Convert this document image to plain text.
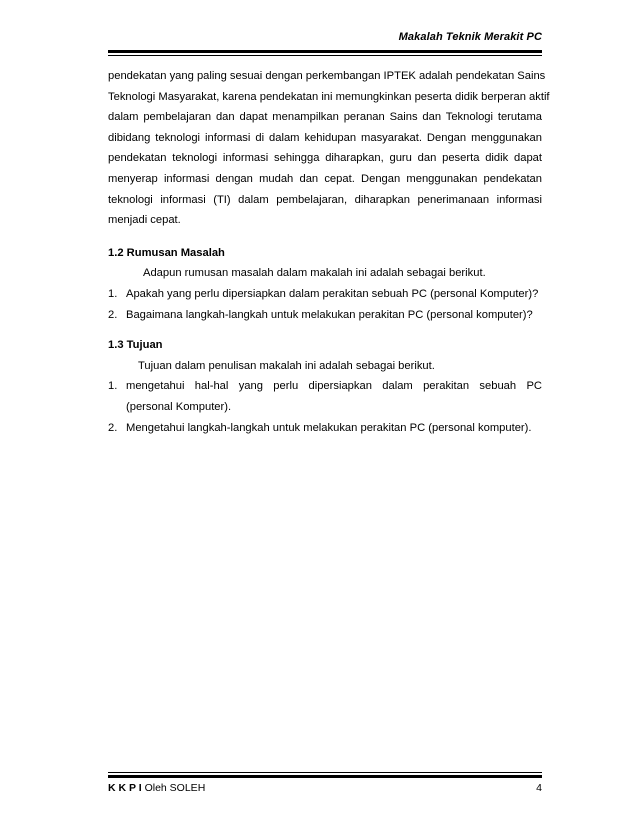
Makalah Teknik Merakit PC
pendekatan yang paling sesuai dengan perkembangan IPTEK adalah pendekatan Sains
Teknologi Masyarakat, karena pendekatan ini memungkinkan peserta didik berperan aktif
dalam pembelajaran dan dapat menampilkan peranan Sains dan Teknologi terutama
dibidang teknologi informasi di dalam kehidupan masyarakat. Dengan menggunakan
pendekatan teknologi informasi sehingga diharapkan, guru dan peserta didik dapat
menyerap informasi dengan mudah dan cepat. Dengan menggunakan pendekatan
teknologi informasi (TI) dalam pembelajaran, diharapkan penerimanaan informasi
menjadi cepat.

1.2 Rumusan Masalah

Adapun rumusan masalah dalam makalah ini adalah sebagai berikut.

1. Apakah yang perlu dipersiapkan dalam perakitan sebuah PC (personal Komputer)?
2. Bagaimana langkah-langkah untuk melakukan perakitan PC (personal komputer)?

1.3 Tujuan

Tujuan dalam penulisan makalah ini adalah sebagai berikut.

1. mengetahui hal-hal yang perlu dipersiapkan dalam perakitan sebuah PC
(personal Komputer).
2. Mengetahui langkah-langkah untuk melakukan perakitan PC (personal komputer).
K K P I Oleh SOLEH	4
